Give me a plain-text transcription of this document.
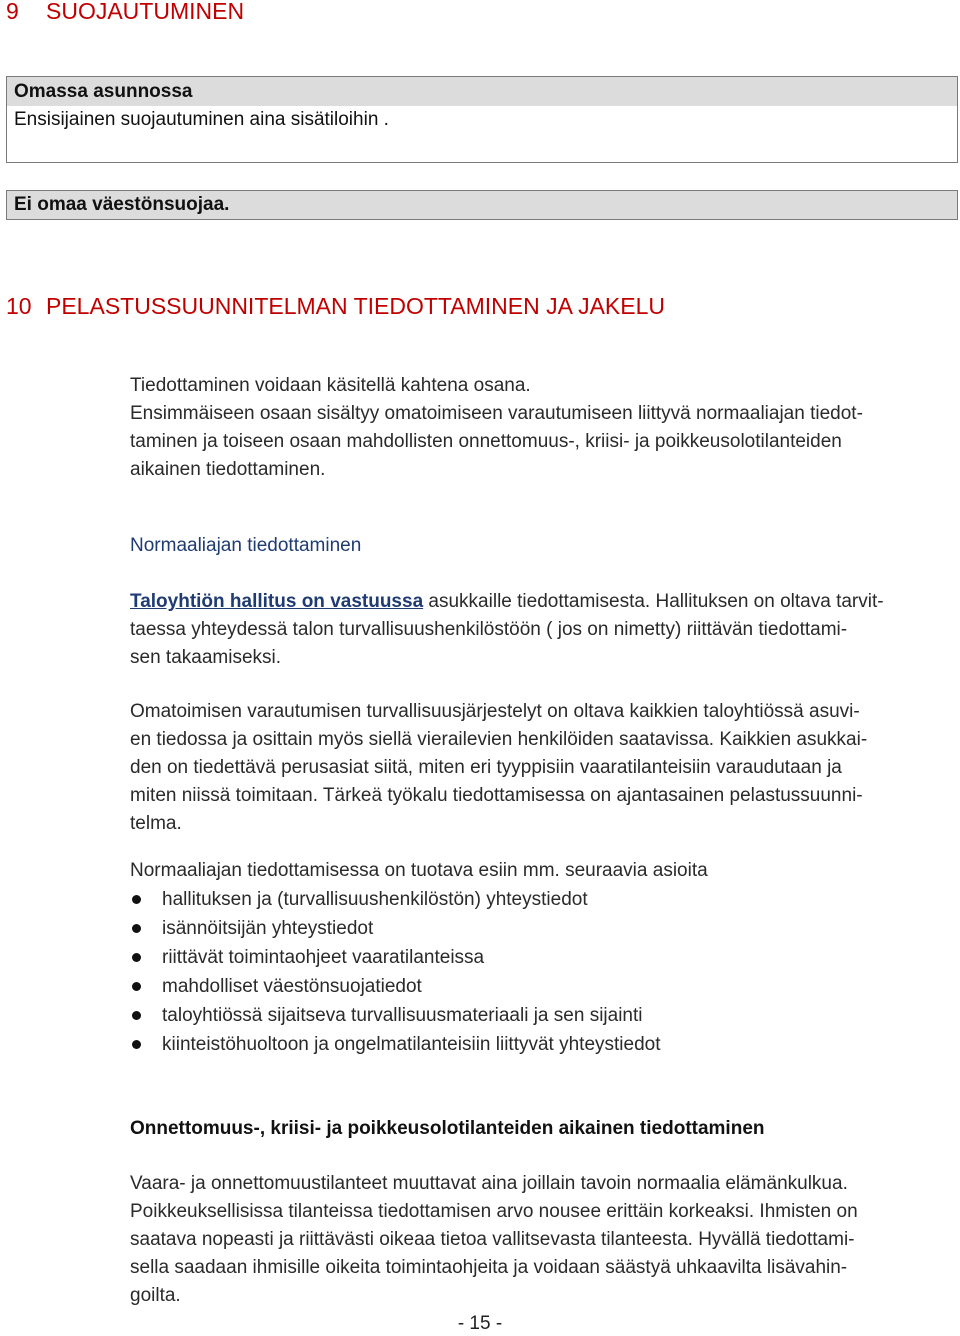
9 SUOJAUTUMINEN
Omassa asunnossa
Ensisijainen suojautuminen aina sisätiloihin .
Ei omaa väestönsuojaa.
10 PELASTUSSUUNNITELMAN TIEDOTTAMINEN JA JAKELU

Tiedottaminen voidaan käsitellä kahtena osana.
Ensimmäiseen osaan sisältyy omatoimiseen varautumiseen liittyvä normaaliajan tiedot-
taminen ja toiseen osaan mahdollisten onnettomuus-, kriisi- ja poikkeusolotilanteiden
aikainen tiedottaminen.

Normaaliajan tiedottaminen

Taloyhtiön hallitus on vastuussa asukkaille tiedottamisesta. Hallituksen on oltava tarvit-
taessa yhteydessä talon turvallisuushenkilöstöön ( jos on nimetty) riittävän tiedottami-
sen takaamiseksi.

Omatoimisen varautumisen turvallisuusjärjestelyt on oltava kaikkien taloyhtiössä asuvi-
en tiedossa ja osittain myös siellä vierailevien henkilöiden saatavissa. Kaikkien asukkai-
den on tiedettävä perusasiat siitä, miten eri tyyppisiin vaaratilanteisiin varaudutaan ja
miten niissä toimitaan. Tärkeä työkalu tiedottamisessa on ajantasainen pelastussuunni-
telma.

Normaaliajan tiedottamisessa on tuotava esiin mm. seuraavia asioita

hallituksen ja (turvallisuushenkilöstön) yhteystiedot
isännöitsijän yhteystiedot
riittävät toimintaohjeet vaaratilanteissa
mahdolliset väestönsuojatiedot
taloyhtiössä sijaitseva turvallisuusmateriaali ja sen sijainti
kiinteistöhuoltoon ja ongelmatilanteisiin liittyvät yhteystiedot
Onnettomuus-, kriisi- ja poikkeusolotilanteiden aikainen tiedottaminen

Vaara- ja onnettomuustilanteet muuttavat aina joillain tavoin normaalia elämänkulkua.
Poikkeuksellisissa tilanteissa tiedottamisen arvo nousee erittäin korkeaksi. Ihmisten on
saatava nopeasti ja riittävästi oikeaa tietoa vallitsevasta tilanteesta. Hyvällä tiedottami-
sella saadaan ihmisille oikeita toimintaohjeita ja voidaan säästyä uhkaavilta lisävahin-
goilta.

- 15 -
